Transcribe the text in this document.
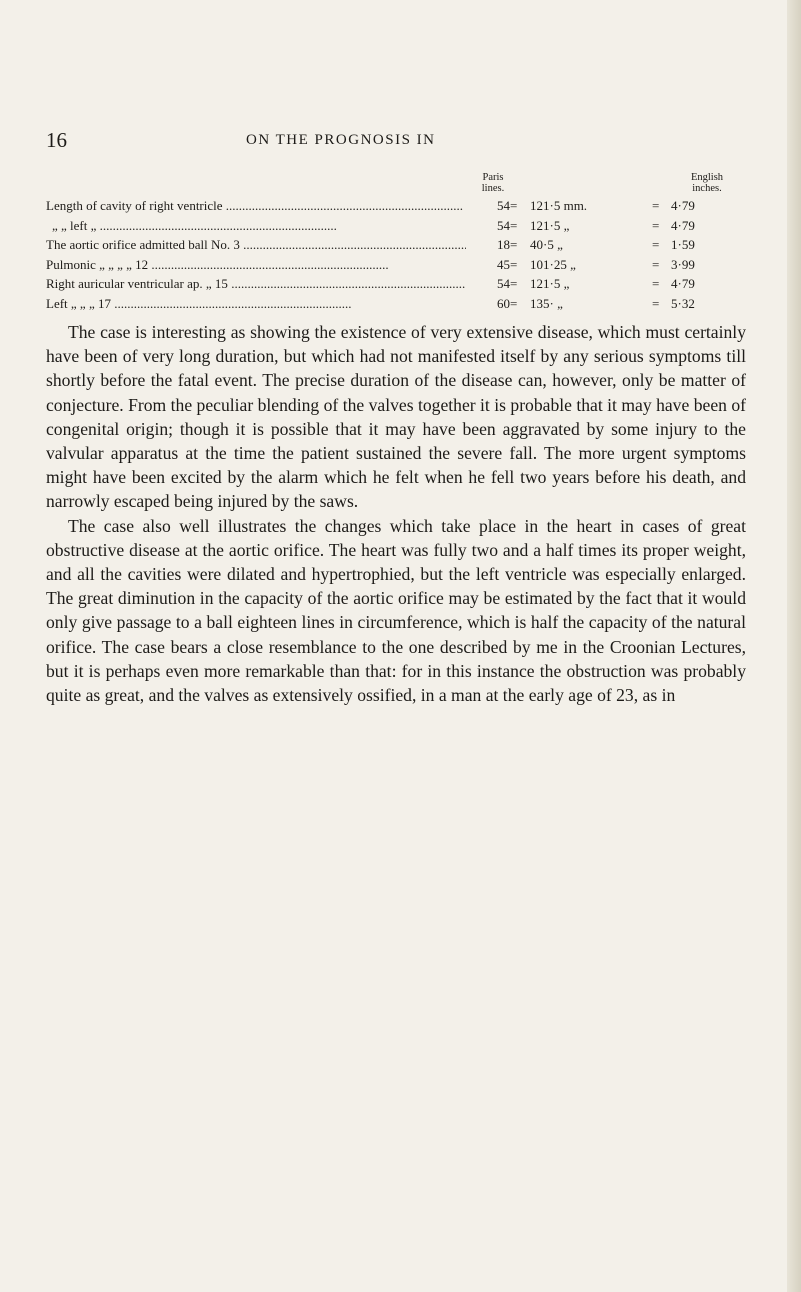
16	ON THE PROGNOSIS IN
Paris
lines.
English
inches.
Length of cavity of right ventricle .....	54 = 121·5 mm.	= 4·79
„ „ left „ .....	54 = 121·5 „	= 4·79
The aortic orifice admitted ball No. 3 .....	18 = 40·5 „	= 1·59
Pulmonic „ „ „ „ 12 .....	45 = 101·25 „	= 3·99
Right auricular ventricular ap. „ 15 .....	54 = 121·5 „	= 4·79
Left „ „ „ 17 .....	60 = 135· „	= 5·32

The case is interesting as showing the existence of very extensive disease, which must certainly have been of very long duration, but which had not manifested itself by any serious symptoms till shortly before the fatal event. The precise duration of the disease can, however, only be matter of conjecture. From the peculiar blending of the valves together it is probable that it may have been of congenital origin; though it is possible that it may have been aggravated by some injury to the valvular apparatus at the time the patient sustained the severe fall. The more urgent symptoms might have been excited by the alarm which he felt when he fell two years before his death, and narrowly escaped being injured by the saws.

The case also well illustrates the changes which take place in the heart in cases of great obstructive disease at the aortic orifice. The heart was fully two and a half times its proper weight, and all the cavities were dilated and hypertrophied, but the left ventricle was especially enlarged. The great diminution in the capacity of the aortic orifice may be estimated by the fact that it would only give passage to a ball eighteen lines in circumference, which is half the capacity of the natural orifice. The case bears a close resemblance to the one described by me in the Croonian Lectures, but it is perhaps even more remarkable than that: for in this instance the obstruction was probably quite as great, and the valves as extensively ossified, in a man at the early age of 23, as in
